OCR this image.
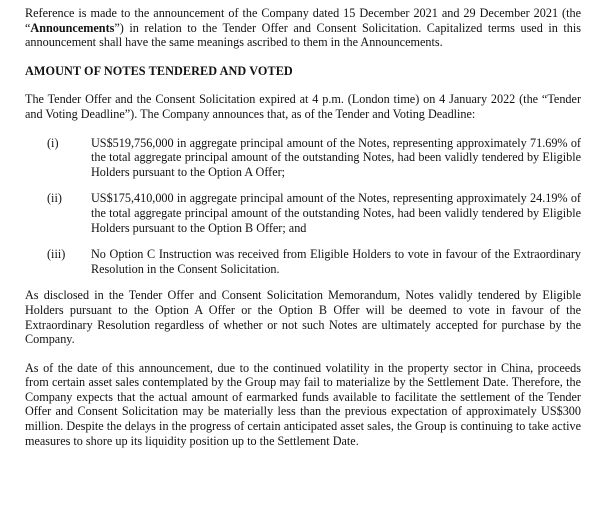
Reference is made to the announcement of the Company dated 15 December 2021 and 29 December 2021 (the “Announcements”) in relation to the Tender Offer and Consent Solicitation. Capitalized terms used in this announcement shall have the same meanings ascribed to them in the Announcements.

AMOUNT OF NOTES TENDERED AND VOTED

The Tender Offer and the Consent Solicitation expired at 4 p.m. (London time) on 4 January 2022 (the “Tender and Voting Deadline”). The Company announces that, as of the Tender and Voting Deadline:

(i)	US$519,756,000 in aggregate principal amount of the Notes, representing approximately 71.69% of the total aggregate principal amount of the outstanding Notes, had been validly tendered by Eligible Holders pursuant to the Option A Offer;
(ii)	US$175,410,000 in aggregate principal amount of the Notes, representing approximately 24.19% of the total aggregate principal amount of the outstanding Notes, had been validly tendered by Eligible Holders pursuant to the Option B Offer; and
(iii)	No Option C Instruction was received from Eligible Holders to vote in favour of the Extraordinary Resolution in the Consent Solicitation.

As disclosed in the Tender Offer and Consent Solicitation Memorandum, Notes validly tendered by Eligible Holders pursuant to the Option A Offer or the Option B Offer will be deemed to vote in favour of the Extraordinary Resolution regardless of whether or not such Notes are ultimately accepted for purchase by the Company.

As of the date of this announcement, due to the continued volatility in the property sector in China, proceeds from certain asset sales contemplated by the Group may fail to materialize by the Settlement Date. Therefore, the Company expects that the actual amount of earmarked funds available to facilitate the settlement of the Tender Offer and Consent Solicitation may be materially less than the previous expectation of approximately US$300 million. Despite the delays in the progress of certain anticipated asset sales, the Group is continuing to take active measures to shore up its liquidity position up to the Settlement Date.
